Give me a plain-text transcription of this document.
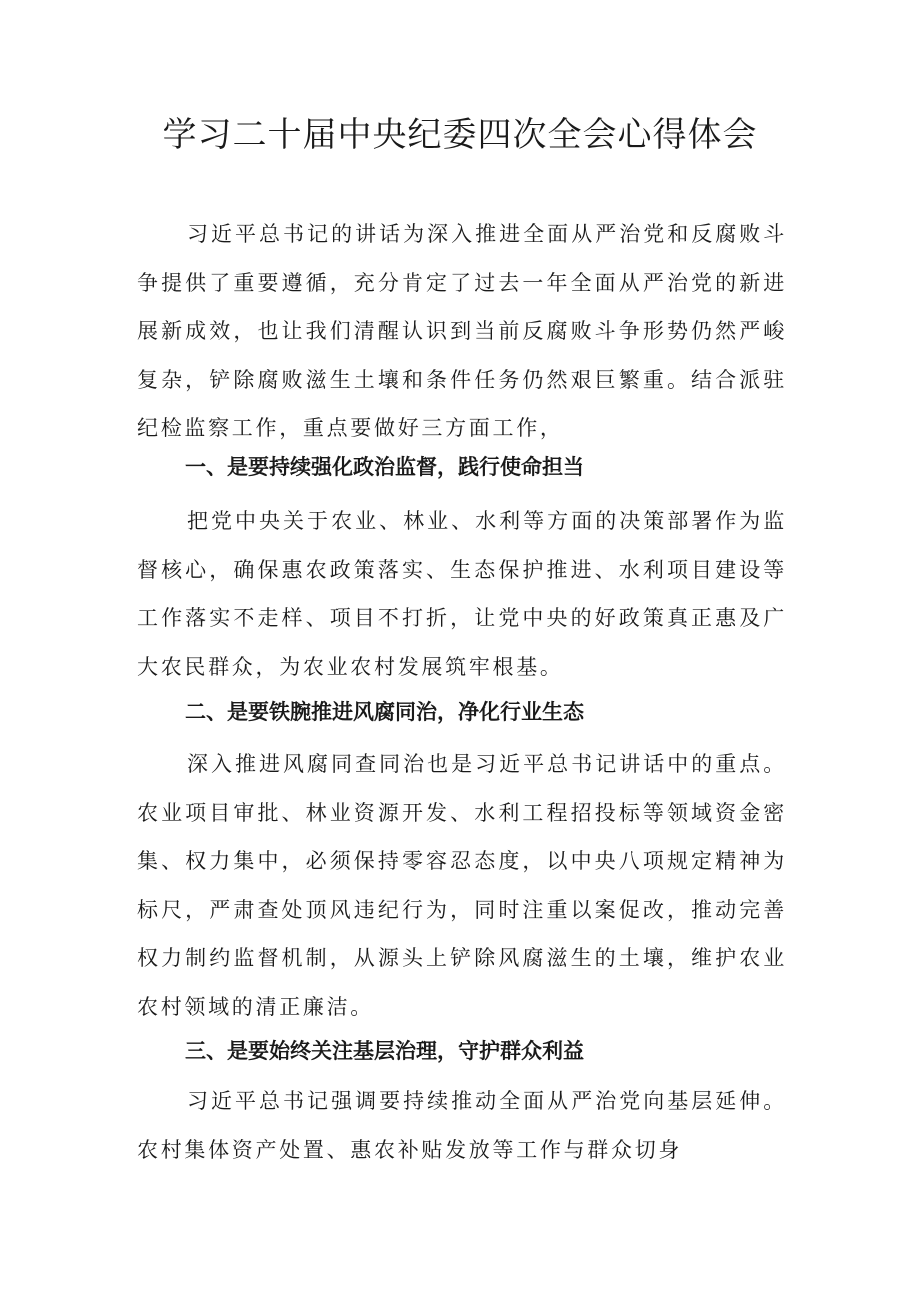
学习二十届中央纪委四次全会心得体会

习近平总书记的讲话为深入推进全面从严治党和反腐败斗争提供了重要遵循，充分肯定了过去一年全面从严治党的新进展新成效，也让我们清醒认识到当前反腐败斗争形势仍然严峻复杂，铲除腐败滋生土壤和条件任务仍然艰巨繁重。结合派驻纪检监察工作，重点要做好三方面工作，

一、是要持续强化政治监督，践行使命担当

把党中央关于农业、林业、水利等方面的决策部署作为监督核心，确保惠农政策落实、生态保护推进、水利项目建设等工作落实不走样、项目不打折，让党中央的好政策真正惠及广大农民群众，为农业农村发展筑牢根基。

二、是要铁腕推进风腐同治，净化行业生态

深入推进风腐同查同治也是习近平总书记讲话中的重点。农业项目审批、林业资源开发、水利工程招投标等领域资金密集、权力集中，必须保持零容忍态度，以中央八项规定精神为标尺，严肃查处顶风违纪行为，同时注重以案促改，推动完善权力制约监督机制，从源头上铲除风腐滋生的土壤，维护农业农村领域的清正廉洁。

三、是要始终关注基层治理，守护群众利益

习近平总书记强调要持续推动全面从严治党向基层延伸。农村集体资产处置、惠农补贴发放等工作与群众切身
